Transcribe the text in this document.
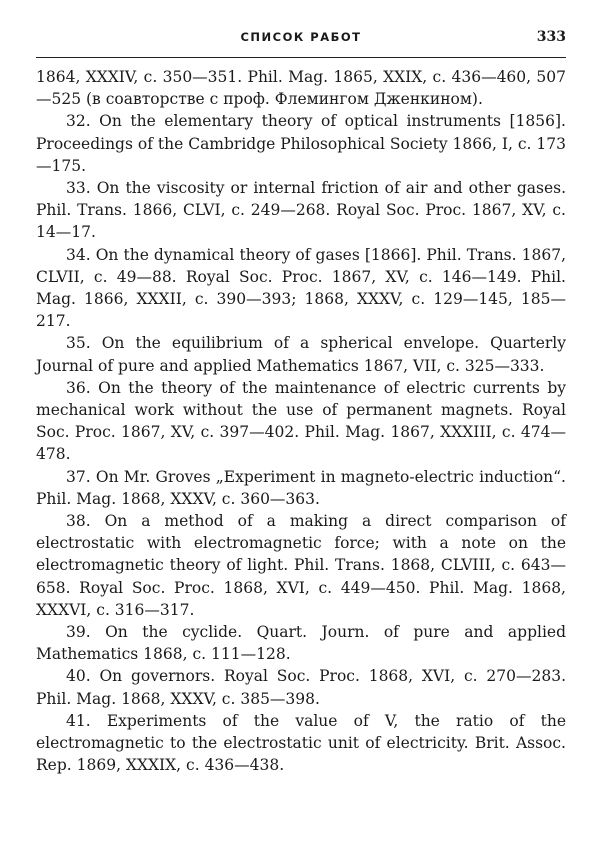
СПИСОК РАБОТ	333

1864, XXXIV, с. 350—351. Phil. Mag. 1865, XXIX, с. 436—460, 507—525 (в соавторстве с проф. Флемингом Дженкином).

32. On the elementary theory of optical instruments [1856]. Proceedings of the Cambridge Philosophical Society 1866, I, с. 173—175.

33. On the viscosity or internal friction of air and other gases. Phil. Trans. 1866, CLVI, с. 249—268. Royal Soc. Proc. 1867, XV, с. 14—17.

34. On the dynamical theory of gases [1866]. Phil. Trans. 1867, CLVII, с. 49—88. Royal Soc. Proc. 1867, XV, с. 146—149. Phil. Mag. 1866, XXXII, с. 390—393; 1868, XXXV, с. 129—145, 185—217.

35. On the equilibrium of a spherical envelope. Quarterly Journal of pure and applied Mathematics 1867, VII, с. 325—333.

36. On the theory of the maintenance of electric currents by mechanical work without the use of permanent magnets. Royal Soc. Proc. 1867, XV, с. 397—402. Phil. Mag. 1867, XXXIII, с. 474—478.

37. On Mr. Groves „Experiment in magneto-electric induction“. Phil. Mag. 1868, XXXV, с. 360—363.

38. On a method of a making a direct comparison of electrostatic with electromagnetic force; with a note on the electromagnetic theory of light. Phil. Trans. 1868, CLVIII, с. 643—658. Royal Soc. Proc. 1868, XVI, с. 449—450. Phil. Mag. 1868, XXXVI, с. 316—317.

39. On the cyclide. Quart. Journ. of pure and applied Mathematics 1868, с. 111—128.

40. On governors. Royal Soc. Proc. 1868, XVI, с. 270—283. Phil. Mag. 1868, XXXV, с. 385—398.

41. Experiments of the value of V, the ratio of the electromagnetic to the electrostatic unit of electricity. Brit. Assoc. Rep. 1869, XXXIX, с. 436—438.
